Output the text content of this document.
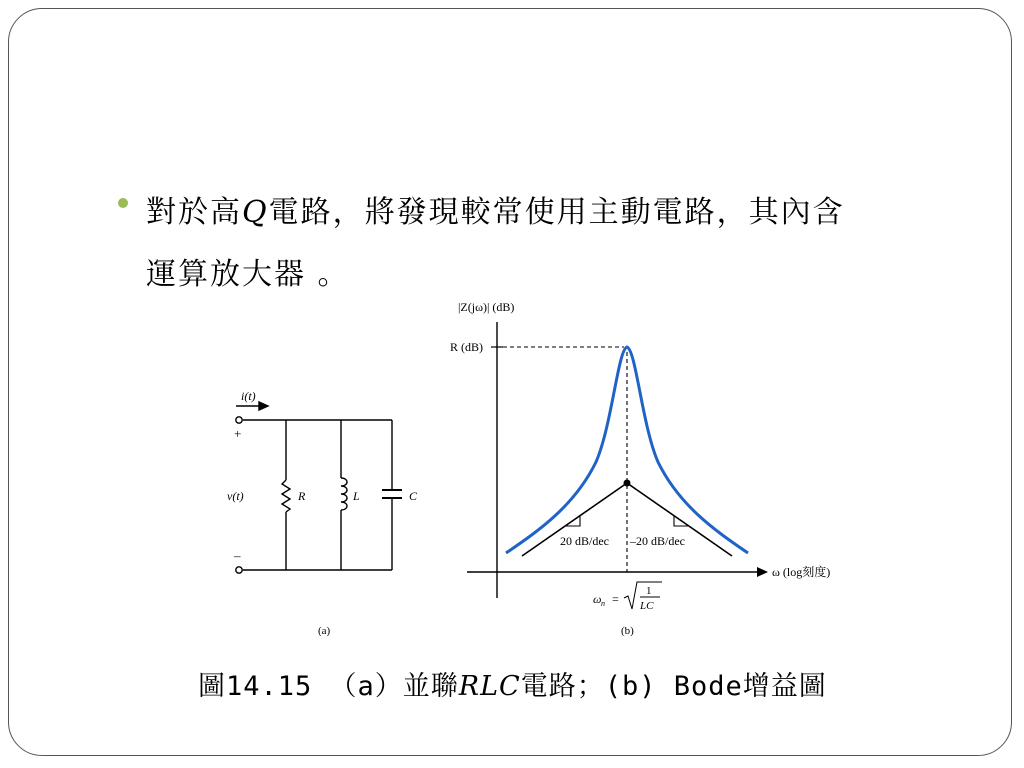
對於高Q電路，將發現較常使用主動電路，其內含
運算放大器 。
i(t)
+
–
v(t)	R	L	C
(a)
|Z(jω)| (dB)
R (dB)
ω (log刻度)
20 dB/dec –20 dB/dec
ω n =
1
LC
(b)
圖14.15 （a）並聯RLC電路；(b) Bode增益圖
